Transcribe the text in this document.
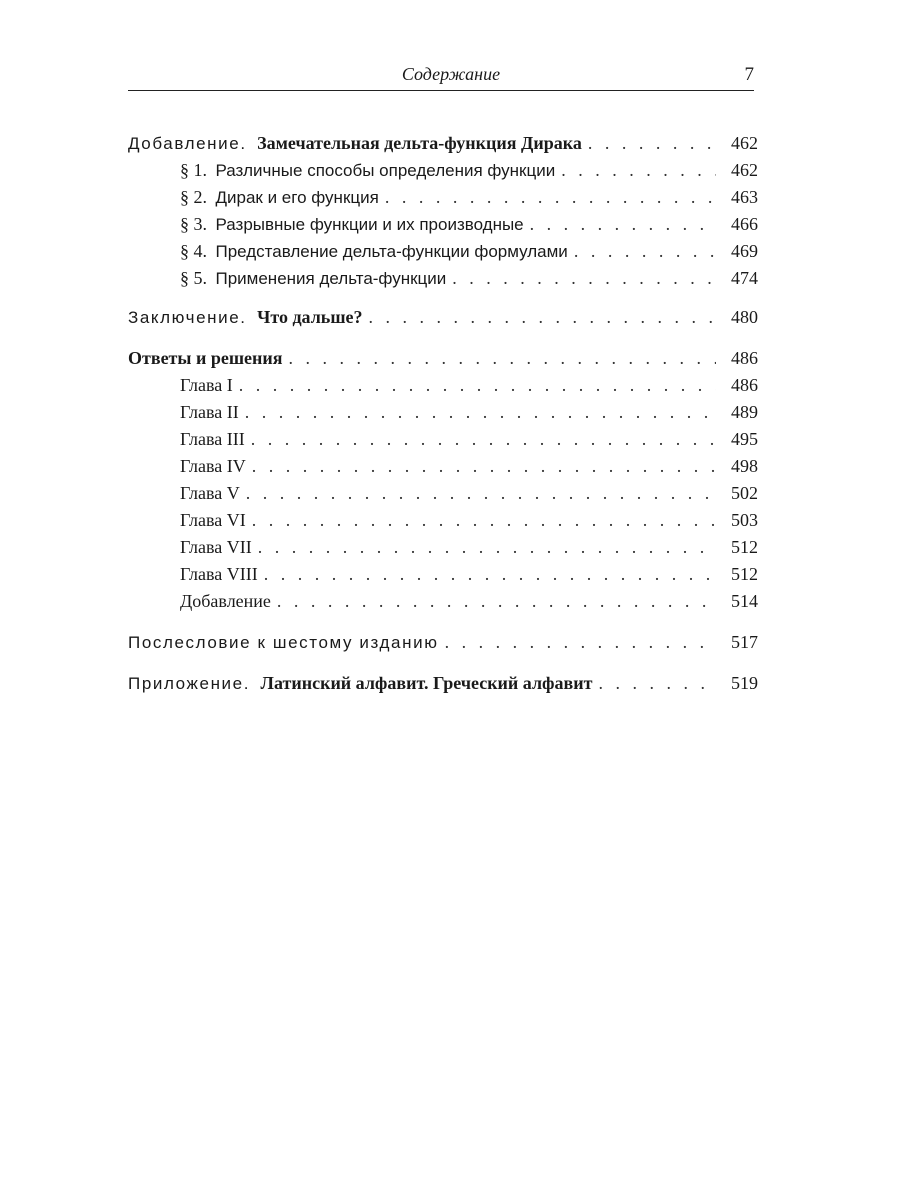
Содержание	7
Добавление. Замечательная дельта-функция Дирака . . .	462
§ 1. Различные способы определения функции . . .	462
§ 2. Дирак и его функция . . .	463
§ 3. Разрывные функции и их производные . . .	466
§ 4. Представление дельта-функции формулами . . .	469
§ 5. Применения дельта-функции . . .	474
Заключение. Что дальше? . . .	480
Ответы и решения . . .	486
Глава I . . .	486
Глава II . . .	489
Глава III . . .	495
Глава IV . . .	498
Глава V . . .	502
Глава VI . . .	503
Глава VII . . .	512
Глава VIII . . .	512
Добавление . . .	514
Послесловие к шестому изданию . . .	517
Приложение. Латинский алфавит. Греческий алфавит . . .	519
